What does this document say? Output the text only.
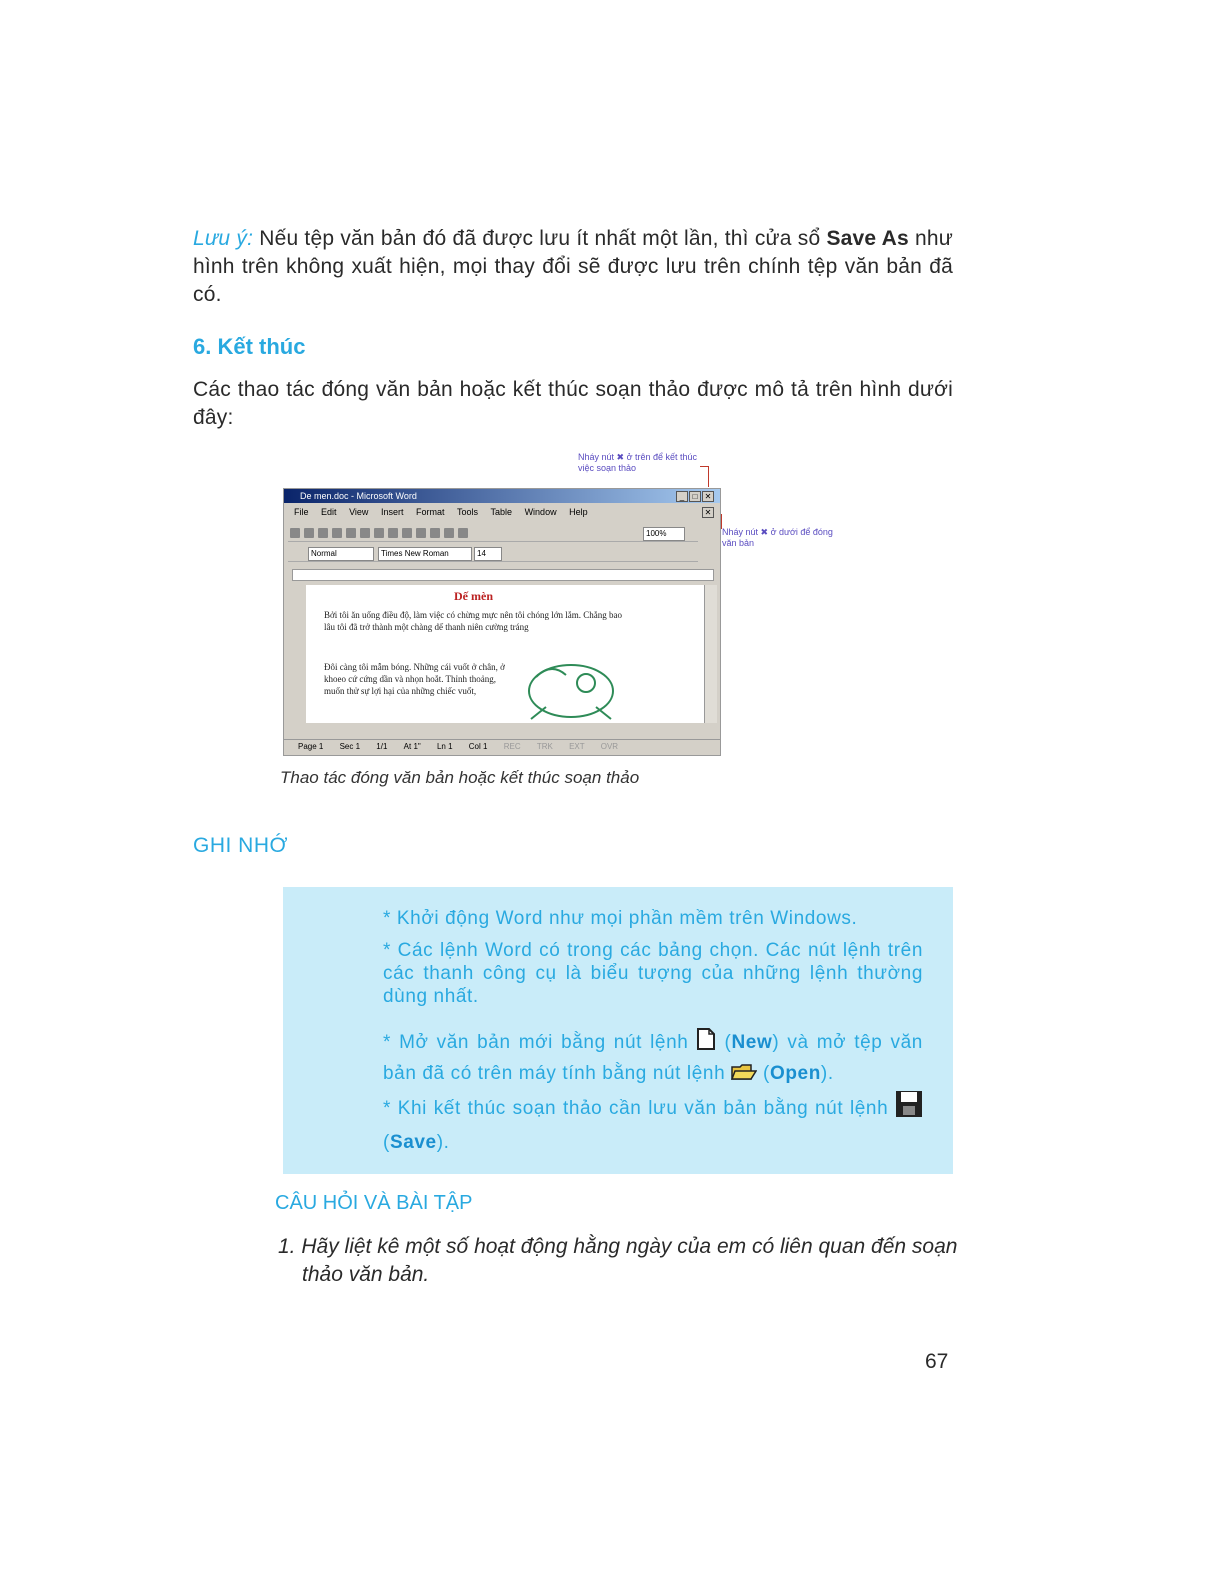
Lưu ý: Nếu tệp văn bản đó đã được lưu ít nhất một lần, thì cửa sổ Save As như hình trên không xuất hiện, mọi thay đổi sẽ được lưu trên chính tệp văn bản đã có.
6. Kết thúc
Các thao tác đóng văn bản hoặc kết thúc soạn thảo được mô tả trên hình dưới đây:
Nháy nút ✖ ở trên để kết thúc việc soạn thảo
Nháy nút ✖ ở dưới để đóng văn bản
De men.doc - Microsoft Word	_	□ ✕
File Edit View Insert Format Tools Table Window Help	✕
100%
Normal	Times New Roman	14
Dế mèn
Bởi tôi ăn uống điều độ, làm việc có chừng mực nên tôi chóng lớn lắm. Chẳng bao lâu tôi đã trở thành một chàng dế thanh niên cường tráng
Đôi càng tôi mẫm bóng. Những cái vuốt ở chân, ở khoeo cứ cứng dần và nhọn hoắt. Thỉnh thoảng, muốn thử sự lợi hại của những chiếc vuốt,
Page 1 Sec 1 1/1 At 1" Ln 1 Col 1 REC TRK EXT OVR
Thao tác đóng văn bản hoặc kết thúc soạn thảo
GHI NHỚ
* Khởi động Word như mọi phần mềm trên Windows.
* Các lệnh Word có trong các bảng chọn. Các nút lệnh trên các thanh công cụ là biểu tượng của những lệnh thường dùng nhất.
* Mở văn bản mới bằng nút lệnh  (New) và mở tệp văn bản đã có trên máy tính bằng nút lệnh  (Open).
* Khi kết thúc soạn thảo cần lưu văn bản bằng nút lệnh  (Save).
CÂU HỎI VÀ BÀI TẬP
1. Hãy liệt kê một số hoạt động hằng ngày của em có liên quan đến soạn thảo văn bản.
67
